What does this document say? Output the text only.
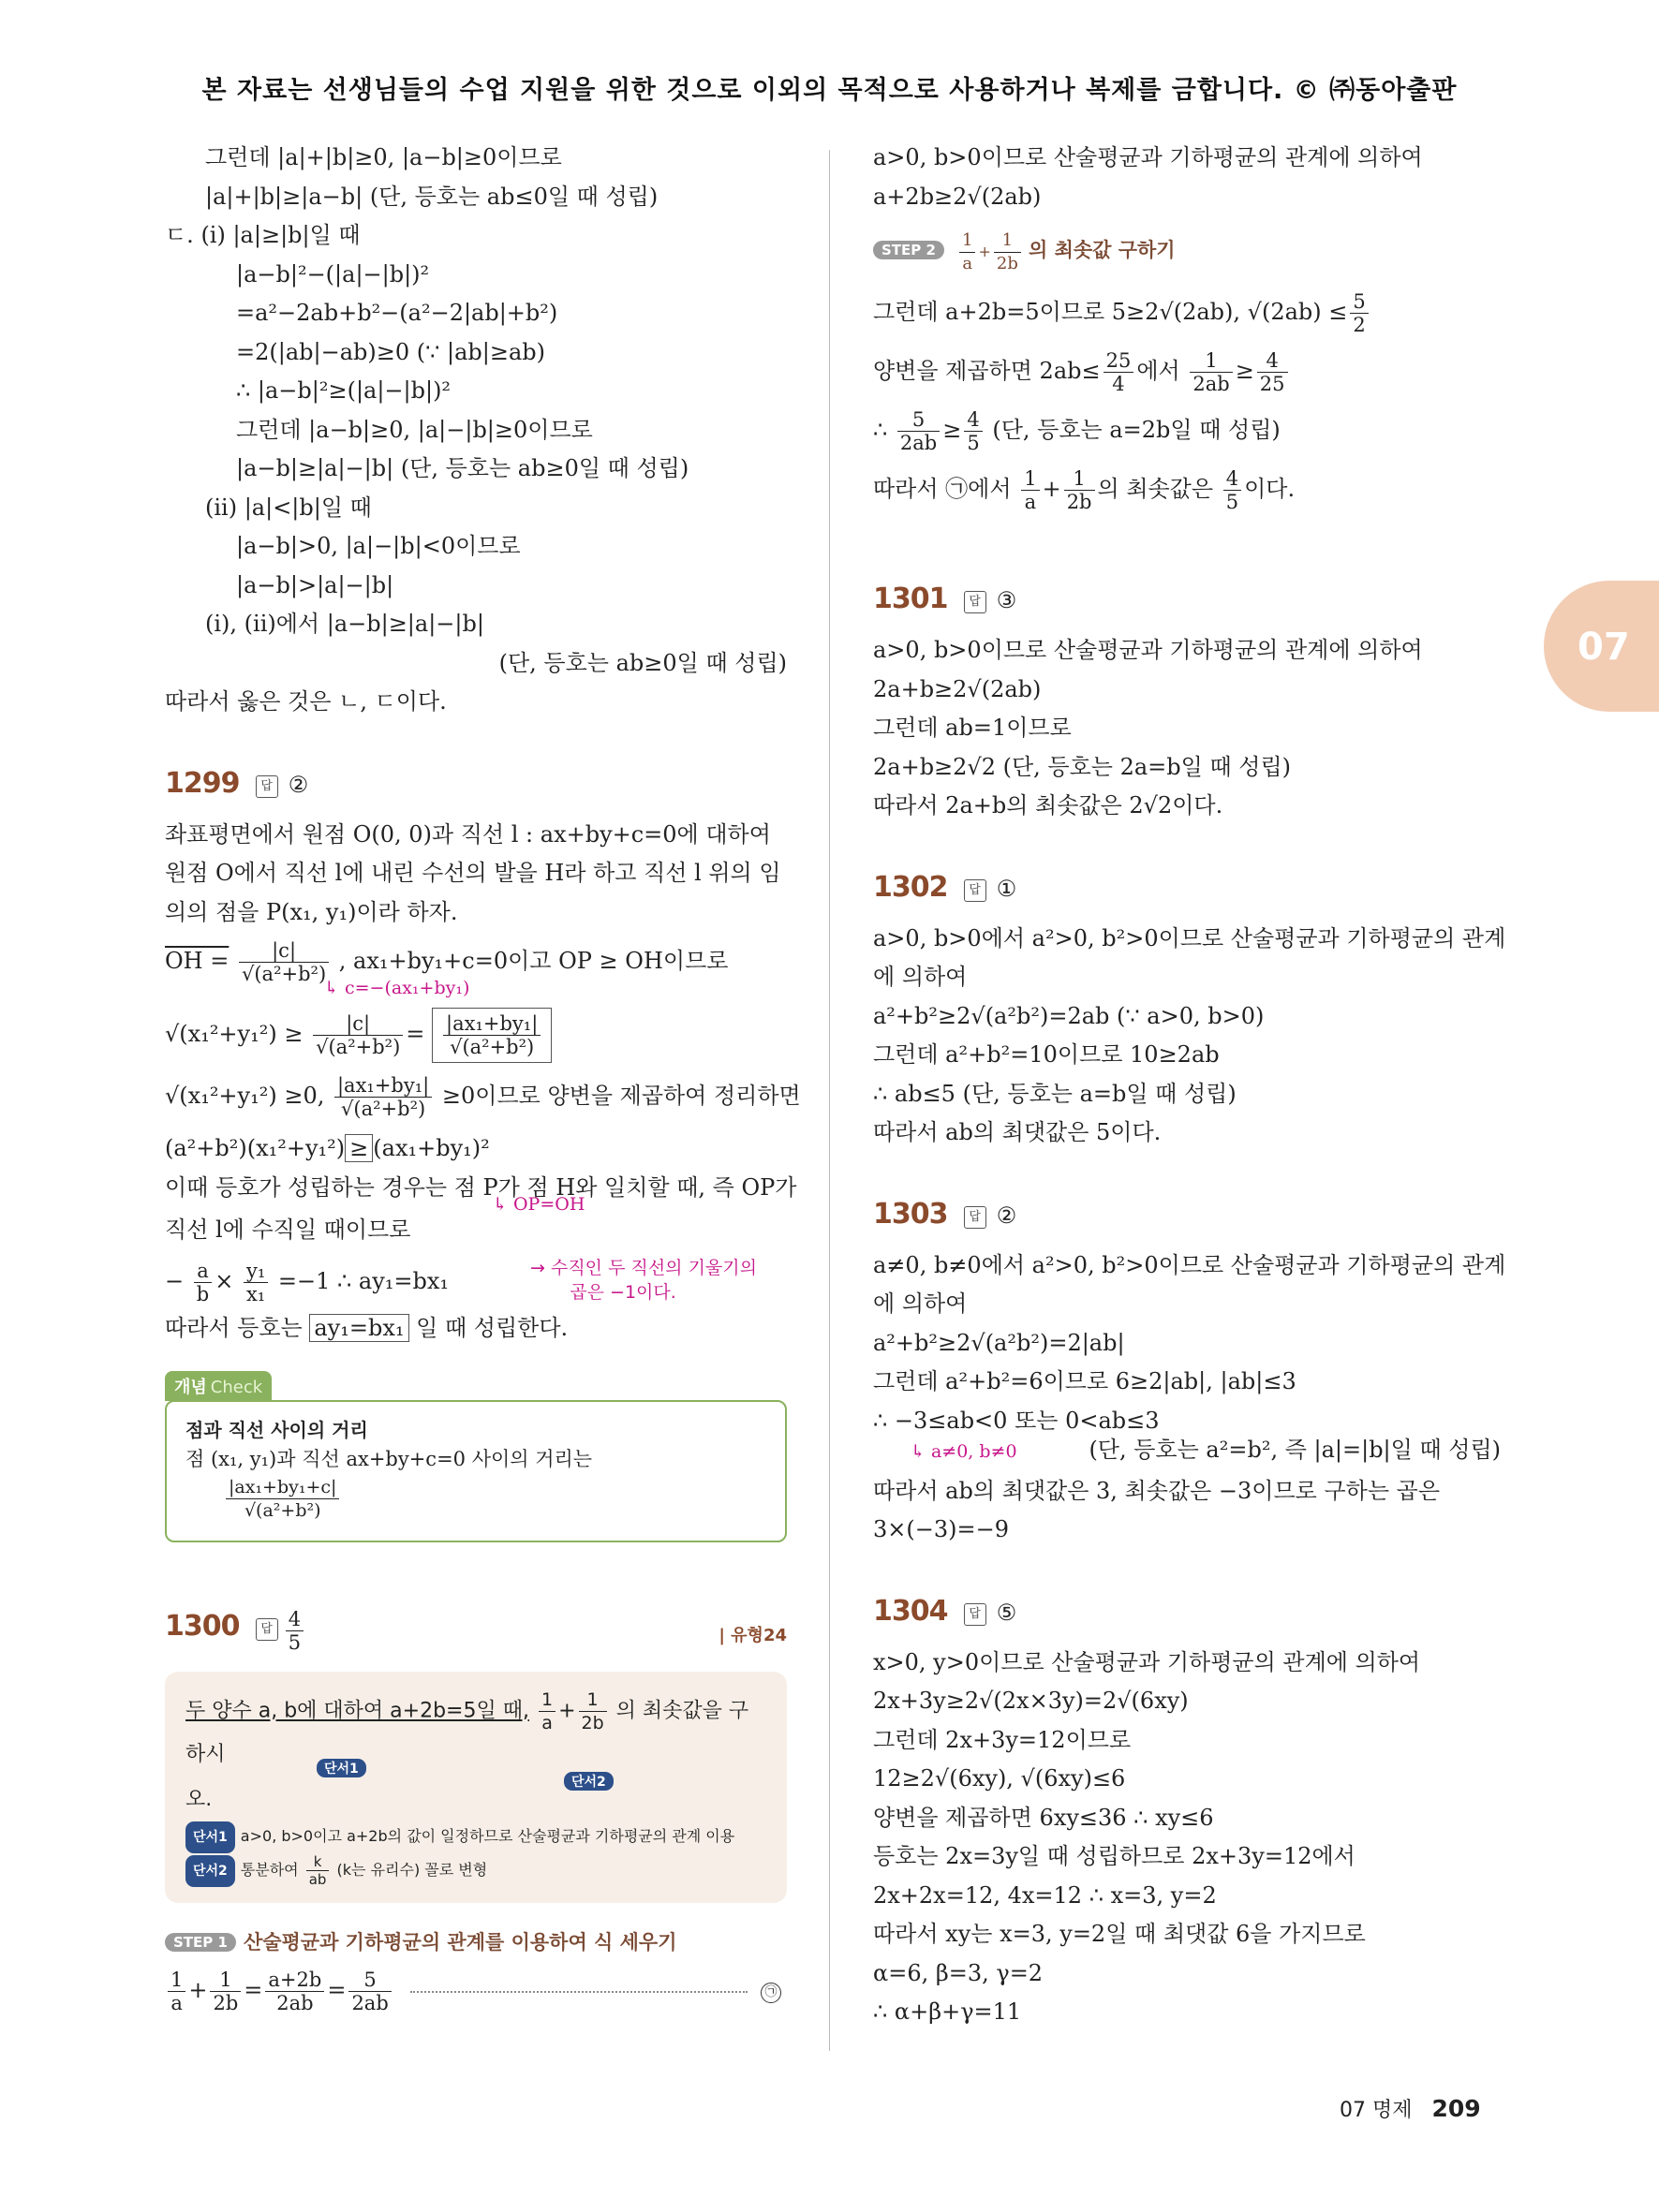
본 자료는 선생님들의 수업 지원을 위한 것으로 이외의 목적으로 사용하거나 복제를 금합니다. © ㈜동아출판
07
그런데 |a|+|b|≥0, |a−b|≥0이므로
|a|+|b|≥|a−b| (단, 등호는 ab≤0일 때 성립)
ㄷ. (i) |a|≥|b|일 때
|a−b|²−(|a|−|b|)²
=a²−2ab+b²−(a²−2|ab|+b²)
=2(|ab|−ab)≥0 (∵ |ab|≥ab)
∴ |a−b|²≥(|a|−|b|)²
그런데 |a−b|≥0, |a|−|b|≥0이므로
|a−b|≥|a|−|b| (단, 등호는 ab≥0일 때 성립)
(ii) |a|<|b|일 때
|a−b|>0, |a|−|b|<0이므로
|a−b|>|a|−|b|
(i), (ii)에서 |a−b|≥|a|−|b|
(단, 등호는 ab≥0일 때 성립)
따라서 옳은 것은 ㄴ, ㄷ이다.
1299 답 ②
좌표평면에서 원점 O(0, 0)과 직선 l : ax+by+c=0에 대하여
원점 O에서 직선 l에 내린 수선의 발을 H라 하고 직선 l 위의 임
의의 점을 P(x₁, y₁)이라 하자.
OH = $\frac{|c|}{\text{√(a²+b²)}}$ , ax₁+by₁+c=0이고 OP ≥ OH이므로
↳ c=−(ax₁+by₁)
$√(x_1^2+y_1^2) \ge \frac{|c|}{\text{√(a²+b²)}} = \frac{\text{|ax₁+by₁|}}{\text{√(a²+b²)}}$
√(x₁²+y₁²) ≥0, $\frac{\text{|ax₁+by₁|}}{\text{√(a²+b²)}} \ge 0$이므로 양변을 제곱하여 정리하면
(a²+b²)(x₁²+y₁²) ≥ (ax₁+by₁)²
이때 등호가 성립하는 경우는 점 P가 점 H와 일치할 때, 즉 OP가
↳ OP=OH
직선 l에 수직일 때이므로
− $\frac{a}{b} \times \frac{\text{y₁}}{\text{x₁}} =-1$ ∴ ay₁=bx₁	→ 수직인 두 직선의 기울기의
곱은 −1이다.
따라서 등호는 ay₁=bx₁ 일 때 성립한다.
개념 Check
점과 직선 사이의 거리
점 (x₁, y₁)과 직선 ax+by+c=0 사이의 거리는
$\frac{\text{|ax₁+by₁+c|}}{\text{√(a²+b²)}}$
1300 답 $\frac{4}{5}$	| 유형24
두 양수 a, b에 대하여 a+2b=5일 때, $\frac{1}{a} + \frac{1}{2b}$ 의 최솟값을 구하시
단서1
단서2
오.
단서1 a>0, b>0이고 a+2b의 값이 일정하므로 산술평균과 기하평균의 관계 이용
단서2 통분하여 $\frac{k}{ab} (k$는 유리수) 꼴로 변형
STEP 1 산술평균과 기하평균의 관계를 이용하여 식 세우기
$\frac{1}{a} + \frac{1}{2b} = \frac{a+2b}{2ab} = \frac{5}{2ab}$	㉠
a>0, b>0이므로 산술평균과 기하평균의 관계에 의하여
a+2b≥2√(2ab)
STEP $2 \frac{1}{a} + \frac{1}{2b}$ 의 최솟값 구하기
그런데 a+2b=5이므로 5≥2√(2ab), $√(2ab) \le \frac{5}{2}$
양변을 제곱하면 $2ab\le \frac{25}{4}$ 에서 $\frac{1}{2ab} \ge \frac{4}{25}$
∴ $\frac{5}{2ab} \ge \frac{4}{5}$ (단, 등호는 a=2b일 때 성립)
따라서 ㉠에서 $\frac{1}{a} + \frac{1}{2b}$ 의 최솟값은 $\frac{4}{5}$ 이다.
1301 답 ③
a>0, b>0이므로 산술평균과 기하평균의 관계에 의하여
2a+b≥2√(2ab)
그런데 ab=1이므로
2a+b≥2√2 (단, 등호는 2a=b일 때 성립)
따라서 2a+b의 최솟값은 2√2이다.
1302 답 ①
a>0, b>0에서 a²>0, b²>0이므로 산술평균과 기하평균의 관계
에 의하여
a²+b²≥2√(a²b²)=2ab (∵ a>0, b>0)
그런데 a²+b²=10이므로 10≥2ab
∴ ab≤5 (단, 등호는 a=b일 때 성립)
따라서 ab의 최댓값은 5이다.
1303 답 ②
a≠0, b≠0에서 a²>0, b²>0이므로 산술평균과 기하평균의 관계
에 의하여
a²+b²≥2√(a²b²)=2|ab|
그런데 a²+b²=6이므로 6≥2|ab|, |ab|≤3
∴ −3≤ab<0 또는 0<ab≤3
↳ a≠0, b≠0	(단, 등호는 a²=b², 즉 |a|=|b|일 때 성립)
따라서 ab의 최댓값은 3, 최솟값은 −3이므로 구하는 곱은
3×(−3)=−9
1304 답 ⑤
x>0, y>0이므로 산술평균과 기하평균의 관계에 의하여
2x+3y≥2√(2x×3y)=2√(6xy)
그런데 2x+3y=12이므로
12≥2√(6xy), √(6xy)≤6
양변을 제곱하면 6xy≤36 ∴ xy≤6
등호는 2x=3y일 때 성립하므로 2x+3y=12에서
2x+2x=12, 4x=12 ∴ x=3, y=2
따라서 xy는 x=3, y=2일 때 최댓값 6을 가지므로
α=6, β=3, γ=2
∴ α+β+γ=11
07 명제 209
